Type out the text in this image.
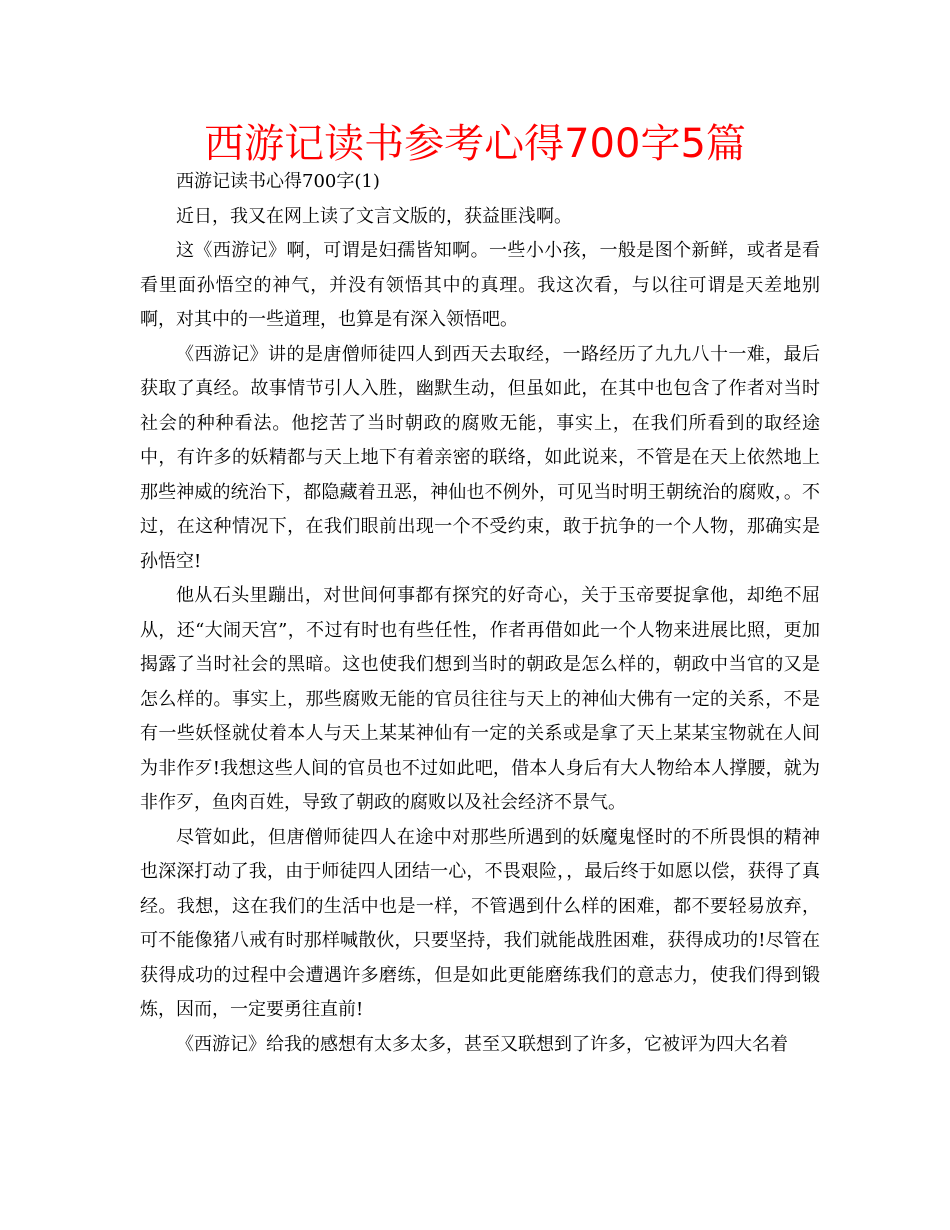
西游记读书参考心得700字5篇

西游记读书心得700字(1)

近日，我又在网上读了文言文版的，获益匪浅啊。

这《西游记》啊，可谓是妇孺皆知啊。一些小小孩，一般是图个新鲜，或者是看看里面孙悟空的神气，并没有领悟其中的真理。我这次看，与以往可谓是天差地别啊，对其中的一些道理，也算是有深入领悟吧。

《西游记》讲的是唐僧师徒四人到西天去取经，一路经历了九九八十一难，最后获取了真经。故事情节引人入胜，幽默生动，但虽如此，在其中也包含了作者对当时社会的种种看法。他挖苦了当时朝政的腐败无能，事实上，在我们所看到的取经途中，有许多的妖精都与天上地下有着亲密的联络，如此说来，不管是在天上依然地上那些神威的统治下，都隐藏着丑恶，神仙也不例外，可见当时明王朝统治的腐败，。不过，在这种情况下，在我们眼前出现一个不受约束，敢于抗争的一个人物，那确实是孙悟空!

他从石头里蹦出，对世间何事都有探究的好奇心，关于玉帝要捉拿他，却绝不屈从，还“大闹天宫”，不过有时也有些任性，作者再借如此一个人物来进展比照，更加揭露了当时社会的黑暗。这也使我们想到当时的朝政是怎么样的，朝政中当官的又是怎么样的。事实上，那些腐败无能的官员往往与天上的神仙大佛有一定的关系，不是有一些妖怪就仗着本人与天上某某神仙有一定的关系或是拿了天上某某宝物就在人间为非作歹!我想这些人间的官员也不过如此吧，借本人身后有大人物给本人撑腰，就为非作歹，鱼肉百姓，导致了朝政的腐败以及社会经济不景气。

尽管如此，但唐僧师徒四人在途中对那些所遇到的妖魔鬼怪时的不所畏惧的精神也深深打动了我，由于师徒四人团结一心，不畏艰险，，最后终于如愿以偿，获得了真经。我想，这在我们的生活中也是一样，不管遇到什么样的困难，都不要轻易放弃，可不能像猪八戒有时那样喊散伙，只要坚持，我们就能战胜困难，获得成功的!尽管在获得成功的过程中会遭遇许多磨练，但是如此更能磨练我们的意志力，使我们得到锻炼，因而，一定要勇往直前!

《西游记》给我的感想有太多太多，甚至又联想到了许多，它被评为四大名着
